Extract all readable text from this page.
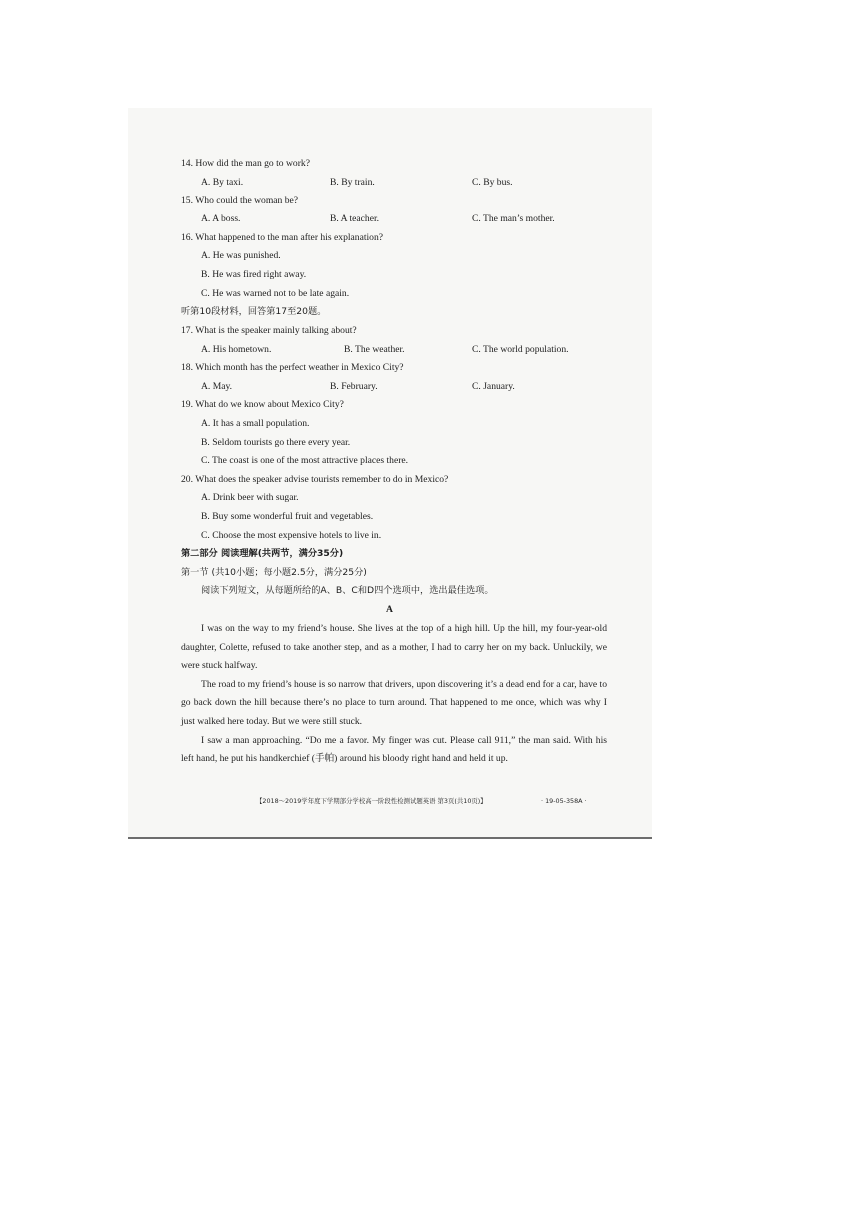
14. How did the man go to work?
A. By taxi.	B. By train.	C. By bus.
15. Who could the woman be?
A. A boss.	B. A teacher.	C. The man’s mother.
16. What happened to the man after his explanation?
A. He was punished.
B. He was fired right away.
C. He was warned not to be late again.
听第10段材料，回答第17至20题。
17. What is the speaker mainly talking about?
A. His hometown.	B. The weather.	C. The world population.
18. Which month has the perfect weather in Mexico City?
A. May.	B. February.	C. January.
19. What do we know about Mexico City?
A. It has a small population.
B. Seldom tourists go there every year.
C. The coast is one of the most attractive places there.
20. What does the speaker advise tourists remember to do in Mexico?
A. Drink beer with sugar.
B. Buy some wonderful fruit and vegetables.
C. Choose the most expensive hotels to live in.
第二部分 阅读理解(共两节，满分35分)
第一节 (共10小题；每小题2.5分，满分25分)
阅读下列短文，从每题所给的A、B、C和D四个选项中，选出最佳选项。
A

I was on the way to my friend’s house. She lives at the top of a high hill. Up the hill, my four-year-old daughter, Colette, refused to take another step, and as a mother, I had to carry her on my back. Unluckily, we were stuck halfway.

The road to my friend’s house is so narrow that drivers, upon discovering it’s a dead end for a car, have to go back down the hill because there’s no place to turn around. That happened to me once, which was why I just walked here today. But we were still stuck.

I saw a man approaching. “Do me a favor. My finger was cut. Please call 911,” the man said. With his left hand, he put his handkerchief (手帕) around his bloody right hand and held it up.

【2018～2019学年度下学期部分学校高一阶段性检测试题英语 第3页(共10页)】	· 19-05-358A ·
